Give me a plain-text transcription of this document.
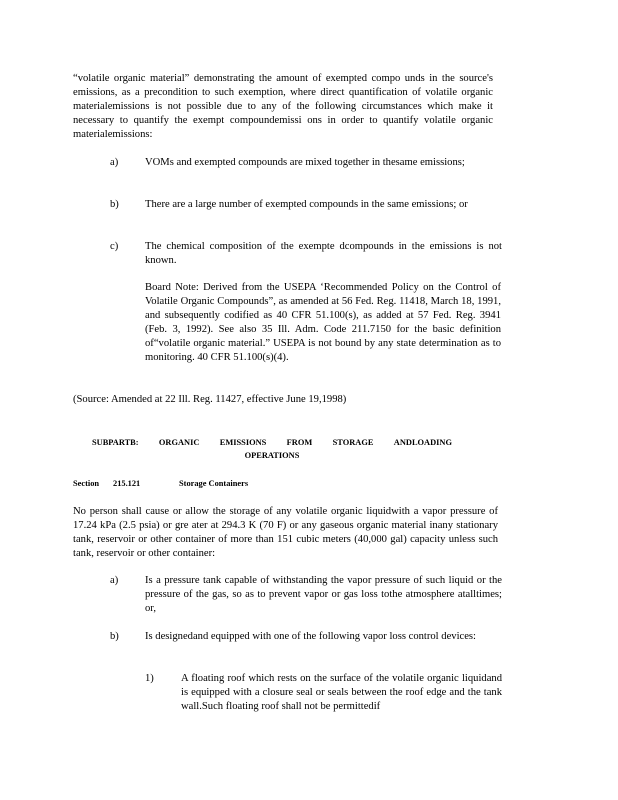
“volatile organic material” demonstrating the amount of exempted compo unds in the source's emissions, as a precondition to such exemption, where direct quantification of volatile organic materialemissions is not possible due to any of the following circumstances which make it necessary to quantify the exempt compoundemissi ons in order to quantify volatile organic materialemissions:

a)	VOMs and exempted compounds are mixed together in thesame emissions;

b) There are a large number of exempted compounds in the same emissions; or

c)	The chemical composition of the exempte dcompounds in the emissions is not known.

Board Note: Derived from the USEPA ‘Recommended Policy on the Control of Volatile Organic Compounds”, as amended at 56 Fed. Reg. 11418, March 18, 1991, and subsequently codified as 40 CFR 51.100(s), as added at 57 Fed. Reg. 3941 (Feb. 3, 1992). See also 35 Ill. Adm. Code 211.7150 for the basic definition of“volatile organic material.” USEPA is not bound by any state determination as to monitoring. 40 CFR 51.100(s)(4).

(Source: Amended at 22 Ill. Reg. 11427, effective June 19,1998)

SUBPARTB: ORGANIC EMISSIONS FROM STORAGE ANDLOADING
OPERATIONS
Section	215.121	Storage Containers

No person shall cause or allow the storage of any volatile organic liquidwith a vapor pressure of 17.24 kPa (2.5 psia) or gre ater at 294.3 K (70 F) or any gaseous organic material inany stationary tank, reservoir or other container of more than 151 cubic meters (40,000 gal) capacity unless such tank, reservoir or other container:

a)	Is a pressure tank capable of withstanding the vapor pressure of such liquid or the pressure of the gas, so as to prevent vapor or gas loss tothe atmosphere atalltimes; or,

b) Is designedand equipped with one of the following vapor loss control devices:

1)	A floating roof which rests on the surface of the volatile organic liquidand is equipped with a closure seal or seals between the roof edge and the tank wall.Such floating roof shall not be permittedif
